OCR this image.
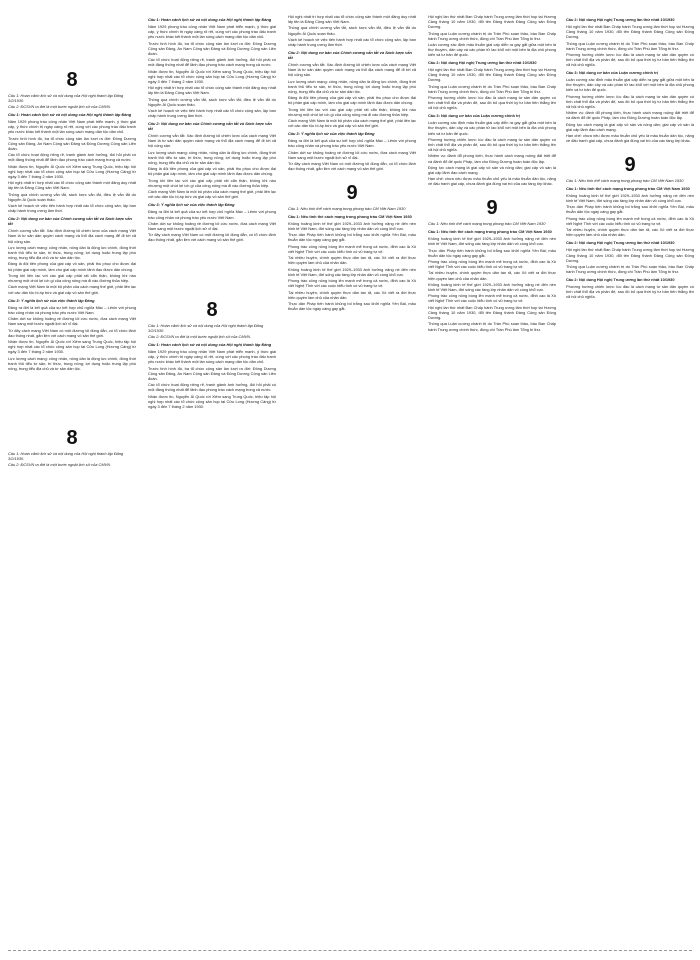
8
Câu 1: Hoàn cảnh lịch sử và nội dung của Hội nghị thành lập Đảng 3/2/1930.
Câu 2: ĐCSVN ra đời là một bước ngoặt lịch sử của CMVN.
Câu 1: Hoàn cảnh lịch sử và nội dung của Hội nghị thành lập Đảng
Năm 1929 phong trào công nhân Việt Nam phát triển mạnh, ý thức giai cấp, ý thức chính trị ngày càng rõ rệt, cùng với các phong trào đấu tranh yêu nước khác kết thành một làn sóng cách mạng dân tộc dân chủ.
Trước tình hình đó, ba tổ chức cộng sản lần lượt ra đời: Đông Dương Cộng sản Đảng, An Nam Cộng sản Đảng và Đông Dương Cộng sản Liên đoàn.
Các tổ chức hoạt động riêng rẽ, tranh giành ảnh hưởng, đòi hỏi phải có một đảng thống nhất để lãnh đạo phong trào cách mạng trong cả nước.
Nhận được tin, Nguyễn Ái Quốc rời Xiêm sang Trung Quốc, triệu tập hội nghị hợp nhất các tổ chức cộng sản họp tại Cửu Long (Hương Cảng) từ ngày 3 đến 7 tháng 2 năm 1930.
Hội nghị nhất trí hợp nhất các tổ chức cộng sản thành một đảng duy nhất lấy tên là Đảng Cộng sản Việt Nam.
Thông qua chính cương vắn tắt, sách lược vắn tắt, điều lệ vắn tắt do Nguyễn Ái Quốc soạn thảo.
Vạch kế hoạch về việc tiến hành hợp nhất các tổ chức cộng sản, lập ban chấp hành trung ương lâm thời.
Câu 2: Nội dung cơ bản của Chính cương vắn tắt và Sách lược vắn tắt
Chính cương vắn tắt: Xác định đường lối chiến lược của cách mạng Việt Nam là tư sản dân quyền cách mạng và thổ địa cách mạng để đi tới xã hội cộng sản.
Lực lượng cách mạng: công nhân, nông dân là động lực chính, đồng thời tranh thủ tiểu tư sản, trí thức, trung nông; lợi dụng hoặc trung lập phú nông, trung tiểu địa chủ và tư sản dân tộc.
Đảng là đội tiên phong của giai cấp vô sản, phải thu phục cho được đại bộ phận giai cấp mình, làm cho giai cấp mình lãnh đạo được dân chúng.
Trong khi liên lạc với các giai cấp phải rất cẩn thận, không khi nào nhượng một chút lợi ích gì của công nông mà đi vào đường thỏa hiệp.
Cách mạng Việt Nam là một bộ phận của cách mạng thế giới, phải liên lạc với các dân tộc bị áp bức và giai cấp vô sản thế giới.
Câu 3: Ý nghĩa lịch sử của việc thành lập Đảng
Đảng ra đời là kết quả của sự kết hợp chủ nghĩa Mác – Lênin với phong trào công nhân và phong trào yêu nước Việt Nam.
Chấm dứt sự khủng hoảng về đường lối cứu nước, đưa cách mạng Việt Nam sang một bước ngoặt lịch sử vĩ đại.
Từ đây cách mạng Việt Nam có một đường lối đúng đắn, có tổ chức lãnh đạo thống nhất, gắn liền với cách mạng vô sản thế giới.
Nhận được tin, Nguyễn Ái Quốc rời Xiêm sang Trung Quốc, triệu tập hội nghị hợp nhất các tổ chức cộng sản họp tại Cửu Long (Hương Cảng) từ ngày 3 đến 7 tháng 2 năm 1930.
Lực lượng cách mạng: công nhân, nông dân là động lực chính, đồng thời tranh thủ tiểu tư sản, trí thức, trung nông; lợi dụng hoặc trung lập phú nông, trung tiểu địa chủ và tư sản dân tộc.
8
Câu 1: Hoàn cảnh lịch sử và nội dung của Hội nghị thành lập Đảng 3/2/1930.
Câu 2: ĐCSVN ra đời là một bước ngoặt lịch sử của CMVN.
Câu 1: Hoàn cảnh lịch sử và nội dung của Hội nghị thành lập Đảng
Năm 1929 phong trào công nhân Việt Nam phát triển mạnh, ý thức giai cấp, ý thức chính trị ngày càng rõ rệt, cùng với các phong trào đấu tranh yêu nước khác kết thành một làn sóng cách mạng dân tộc dân chủ.
Trước tình hình đó, ba tổ chức cộng sản lần lượt ra đời: Đông Dương Cộng sản Đảng, An Nam Cộng sản Đảng và Đông Dương Cộng sản Liên đoàn.
Các tổ chức hoạt động riêng rẽ, tranh giành ảnh hưởng, đòi hỏi phải có một đảng thống nhất để lãnh đạo phong trào cách mạng trong cả nước.
Nhận được tin, Nguyễn Ái Quốc rời Xiêm sang Trung Quốc, triệu tập hội nghị hợp nhất các tổ chức cộng sản họp tại Cửu Long (Hương Cảng) từ ngày 3 đến 7 tháng 2 năm 1930.
Hội nghị nhất trí hợp nhất các tổ chức cộng sản thành một đảng duy nhất lấy tên là Đảng Cộng sản Việt Nam.
Thông qua chính cương vắn tắt, sách lược vắn tắt, điều lệ vắn tắt do Nguyễn Ái Quốc soạn thảo.
Vạch kế hoạch về việc tiến hành hợp nhất các tổ chức cộng sản, lập ban chấp hành trung ương lâm thời.
Câu 2: Nội dung cơ bản của Chính cương vắn tắt và Sách lược vắn tắt
Chính cương vắn tắt: Xác định đường lối chiến lược của cách mạng Việt Nam là tư sản dân quyền cách mạng và thổ địa cách mạng để đi tới xã hội cộng sản.
Lực lượng cách mạng: công nhân, nông dân là động lực chính, đồng thời tranh thủ tiểu tư sản, trí thức, trung nông; lợi dụng hoặc trung lập phú nông, trung tiểu địa chủ và tư sản dân tộc.
Đảng là đội tiên phong của giai cấp vô sản, phải thu phục cho được đại bộ phận giai cấp mình, làm cho giai cấp mình lãnh đạo được dân chúng.
Trong khi liên lạc với các giai cấp phải rất cẩn thận, không khi nào nhượng một chút lợi ích gì của công nông mà đi vào đường thỏa hiệp.
Cách mạng Việt Nam là một bộ phận của cách mạng thế giới, phải liên lạc với các dân tộc bị áp bức và giai cấp vô sản thế giới.
Câu 3: Ý nghĩa lịch sử của việc thành lập Đảng
Đảng ra đời là kết quả của sự kết hợp chủ nghĩa Mác – Lênin với phong trào công nhân và phong trào yêu nước Việt Nam.
Chấm dứt sự khủng hoảng về đường lối cứu nước, đưa cách mạng Việt Nam sang một bước ngoặt lịch sử vĩ đại.
Từ đây cách mạng Việt Nam có một đường lối đúng đắn, có tổ chức lãnh đạo thống nhất, gắn liền với cách mạng vô sản thế giới.
8
Câu 1: Hoàn cảnh lịch sử và nội dung của Hội nghị thành lập Đảng 3/2/1930.
Câu 2: ĐCSVN ra đời là một bước ngoặt lịch sử của CMVN.
Câu 1: Hoàn cảnh lịch sử và nội dung của Hội nghị thành lập Đảng
Năm 1929 phong trào công nhân Việt Nam phát triển mạnh, ý thức giai cấp, ý thức chính trị ngày càng rõ rệt, cùng với các phong trào đấu tranh yêu nước khác kết thành một làn sóng cách mạng dân tộc dân chủ.
Trước tình hình đó, ba tổ chức cộng sản lần lượt ra đời: Đông Dương Cộng sản Đảng, An Nam Cộng sản Đảng và Đông Dương Cộng sản Liên đoàn.
Các tổ chức hoạt động riêng rẽ, tranh giành ảnh hưởng, đòi hỏi phải có một đảng thống nhất để lãnh đạo phong trào cách mạng trong cả nước.
Nhận được tin, Nguyễn Ái Quốc rời Xiêm sang Trung Quốc, triệu tập hội nghị hợp nhất các tổ chức cộng sản họp tại Cửu Long (Hương Cảng) từ ngày 3 đến 7 tháng 2 năm 1930.
Hội nghị nhất trí hợp nhất các tổ chức cộng sản thành một đảng duy nhất lấy tên là Đảng Cộng sản Việt Nam.
Thông qua chính cương vắn tắt, sách lược vắn tắt, điều lệ vắn tắt do Nguyễn Ái Quốc soạn thảo.
Vạch kế hoạch về việc tiến hành hợp nhất các tổ chức cộng sản, lập ban chấp hành trung ương lâm thời.
Câu 2: Nội dung cơ bản của Chính cương vắn tắt và Sách lược vắn tắt
Chính cương vắn tắt: Xác định đường lối chiến lược của cách mạng Việt Nam là tư sản dân quyền cách mạng và thổ địa cách mạng để đi tới xã hội cộng sản.
Lực lượng cách mạng: công nhân, nông dân là động lực chính, đồng thời tranh thủ tiểu tư sản, trí thức, trung nông; lợi dụng hoặc trung lập phú nông, trung tiểu địa chủ và tư sản dân tộc.
Đảng là đội tiên phong của giai cấp vô sản, phải thu phục cho được đại bộ phận giai cấp mình, làm cho giai cấp mình lãnh đạo được dân chúng.
Trong khi liên lạc với các giai cấp phải rất cẩn thận, không khi nào nhượng một chút lợi ích gì của công nông mà đi vào đường thỏa hiệp.
Cách mạng Việt Nam là một bộ phận của cách mạng thế giới, phải liên lạc với các dân tộc bị áp bức và giai cấp vô sản thế giới.
Câu 3: Ý nghĩa lịch sử của việc thành lập Đảng
Đảng ra đời là kết quả của sự kết hợp chủ nghĩa Mác – Lênin với phong trào công nhân và phong trào yêu nước Việt Nam.
Chấm dứt sự khủng hoảng về đường lối cứu nước, đưa cách mạng Việt Nam sang một bước ngoặt lịch sử vĩ đại.
Từ đây cách mạng Việt Nam có một đường lối đúng đắn, có tổ chức lãnh đạo thống nhất, gắn liền với cách mạng vô sản thế giới.
9
Câu 1: Nêu tình thế cách mạng trong phong trào CM Việt Nam 1930
Câu 1: Nêu tình thế cách mạng trong phong trào CM Việt Nam 1930
Khủng hoảng kinh tế thế giới 1929–1933 ảnh hưởng nặng nề đến nền kinh tế Việt Nam, đời sống các tầng lớp nhân dân vô cùng khổ cực.
Thực dân Pháp tiến hành khủng bố trắng sau khởi nghĩa Yên Bái, mâu thuẫn dân tộc ngày càng gay gắt.
Phong trào công nông bùng lên mạnh mẽ trong cả nước, đỉnh cao là Xô viết Nghệ Tĩnh với các cuộc biểu tình có vũ trang tự vệ.
Tại nhiều huyện, chính quyền thực dân tan rã, các Xô viết ra đời thực hiện quyền làm chủ của nhân dân.
Khủng hoảng kinh tế thế giới 1929–1933 ảnh hưởng nặng nề đến nền kinh tế Việt Nam, đời sống các tầng lớp nhân dân vô cùng khổ cực.
Phong trào công nông bùng lên mạnh mẽ trong cả nước, đỉnh cao là Xô viết Nghệ Tĩnh với các cuộc biểu tình có vũ trang tự vệ.
Tại nhiều huyện, chính quyền thực dân tan rã, các Xô viết ra đời thực hiện quyền làm chủ của nhân dân.
Thực dân Pháp tiến hành khủng bố trắng sau khởi nghĩa Yên Bái, mâu thuẫn dân tộc ngày càng gay gắt.
Hội nghị lần thứ nhất Ban Chấp hành Trung ương lâm thời họp tại Hương Cảng tháng 10 năm 1930, đổi tên Đảng thành Đảng Cộng sản Đông Dương.
Thông qua Luận cương chánh trị do Trần Phú soạn thảo, bầu Ban Chấp hành Trung ương chính thức, đồng chí Trần Phú làm Tổng bí thư.
Luận cương xác định mâu thuẫn giai cấp diễn ra gay gắt giữa một bên là thợ thuyền, dân cày và các phần tử lao khổ với một bên là địa chủ phong kiến và tư bản đế quốc.
Câu 2: Nội dung Hội nghị Trung ương lần thứ nhất 10/1930
Hội nghị lần thứ nhất Ban Chấp hành Trung ương lâm thời họp tại Hương Cảng tháng 10 năm 1930, đổi tên Đảng thành Đảng Cộng sản Đông Dương.
Thông qua Luận cương chánh trị do Trần Phú soạn thảo, bầu Ban Chấp hành Trung ương chính thức, đồng chí Trần Phú làm Tổng bí thư.
Phương hướng chiến lược: lúc đầu là cách mạng tư sản dân quyền có tính chất thổ địa và phản đế, sau đó bỏ qua thời kỳ tư bản tiến thẳng lên xã hội chủ nghĩa.
Câu 3: Nội dung cơ bản của Luận cương chính trị
Luận cương xác định mâu thuẫn giai cấp diễn ra gay gắt giữa một bên là thợ thuyền, dân cày và các phần tử lao khổ với một bên là địa chủ phong kiến và tư bản đế quốc.
Phương hướng chiến lược: lúc đầu là cách mạng tư sản dân quyền có tính chất thổ địa và phản đế, sau đó bỏ qua thời kỳ tư bản tiến thẳng lên xã hội chủ nghĩa.
Nhiệm vụ: đánh đổ phong kiến, thực hành cách mạng ruộng đất triệt để và đánh đổ đế quốc Pháp, làm cho Đông Dương hoàn toàn độc lập.
Động lực cách mạng là giai cấp vô sản và nông dân; giai cấp vô sản là giai cấp lãnh đạo cách mạng.
Hạn chế: chưa nêu được mâu thuẫn chủ yếu là mâu thuẫn dân tộc, nặng về đấu tranh giai cấp, chưa đánh giá đúng vai trò của các tầng lớp khác.
9
Câu 1: Nêu tình thế cách mạng trong phong trào CM Việt Nam 1930
Câu 1: Nêu tình thế cách mạng trong phong trào CM Việt Nam 1930
Khủng hoảng kinh tế thế giới 1929–1933 ảnh hưởng nặng nề đến nền kinh tế Việt Nam, đời sống các tầng lớp nhân dân vô cùng khổ cực.
Thực dân Pháp tiến hành khủng bố trắng sau khởi nghĩa Yên Bái, mâu thuẫn dân tộc ngày càng gay gắt.
Phong trào công nông bùng lên mạnh mẽ trong cả nước, đỉnh cao là Xô viết Nghệ Tĩnh với các cuộc biểu tình có vũ trang tự vệ.
Tại nhiều huyện, chính quyền thực dân tan rã, các Xô viết ra đời thực hiện quyền làm chủ của nhân dân.
Khủng hoảng kinh tế thế giới 1929–1933 ảnh hưởng nặng nề đến nền kinh tế Việt Nam, đời sống các tầng lớp nhân dân vô cùng khổ cực.
Phong trào công nông bùng lên mạnh mẽ trong cả nước, đỉnh cao là Xô viết Nghệ Tĩnh với các cuộc biểu tình có vũ trang tự vệ.
Hội nghị lần thứ nhất Ban Chấp hành Trung ương lâm thời họp tại Hương Cảng tháng 10 năm 1930, đổi tên Đảng thành Đảng Cộng sản Đông Dương.
Thông qua Luận cương chánh trị do Trần Phú soạn thảo, bầu Ban Chấp hành Trung ương chính thức, đồng chí Trần Phú làm Tổng bí thư.
Câu 2: Nội dung Hội nghị Trung ương lần thứ nhất 10/1930
Hội nghị lần thứ nhất Ban Chấp hành Trung ương lâm thời họp tại Hương Cảng tháng 10 năm 1930, đổi tên Đảng thành Đảng Cộng sản Đông Dương.
Thông qua Luận cương chánh trị do Trần Phú soạn thảo, bầu Ban Chấp hành Trung ương chính thức, đồng chí Trần Phú làm Tổng bí thư.
Phương hướng chiến lược: lúc đầu là cách mạng tư sản dân quyền có tính chất thổ địa và phản đế, sau đó bỏ qua thời kỳ tư bản tiến thẳng lên xã hội chủ nghĩa.
Câu 3: Nội dung cơ bản của Luận cương chính trị
Luận cương xác định mâu thuẫn giai cấp diễn ra gay gắt giữa một bên là thợ thuyền, dân cày và các phần tử lao khổ với một bên là địa chủ phong kiến và tư bản đế quốc.
Phương hướng chiến lược: lúc đầu là cách mạng tư sản dân quyền có tính chất thổ địa và phản đế, sau đó bỏ qua thời kỳ tư bản tiến thẳng lên xã hội chủ nghĩa.
Nhiệm vụ: đánh đổ phong kiến, thực hành cách mạng ruộng đất triệt để và đánh đổ đế quốc Pháp, làm cho Đông Dương hoàn toàn độc lập.
Động lực cách mạng là giai cấp vô sản và nông dân; giai cấp vô sản là giai cấp lãnh đạo cách mạng.
Hạn chế: chưa nêu được mâu thuẫn chủ yếu là mâu thuẫn dân tộc, nặng về đấu tranh giai cấp, chưa đánh giá đúng vai trò của các tầng lớp khác.
9
Câu 1: Nêu tình thế cách mạng trong phong trào CM Việt Nam 1930
Câu 1: Nêu tình thế cách mạng trong phong trào CM Việt Nam 1930
Khủng hoảng kinh tế thế giới 1929–1933 ảnh hưởng nặng nề đến nền kinh tế Việt Nam, đời sống các tầng lớp nhân dân vô cùng khổ cực.
Thực dân Pháp tiến hành khủng bố trắng sau khởi nghĩa Yên Bái, mâu thuẫn dân tộc ngày càng gay gắt.
Phong trào công nông bùng lên mạnh mẽ trong cả nước, đỉnh cao là Xô viết Nghệ Tĩnh với các cuộc biểu tình có vũ trang tự vệ.
Tại nhiều huyện, chính quyền thực dân tan rã, các Xô viết ra đời thực hiện quyền làm chủ của nhân dân.
Câu 2: Nội dung Hội nghị Trung ương lần thứ nhất 10/1930
Hội nghị lần thứ nhất Ban Chấp hành Trung ương lâm thời họp tại Hương Cảng tháng 10 năm 1930, đổi tên Đảng thành Đảng Cộng sản Đông Dương.
Thông qua Luận cương chánh trị do Trần Phú soạn thảo, bầu Ban Chấp hành Trung ương chính thức, đồng chí Trần Phú làm Tổng bí thư.
Câu 2: Nội dung Hội nghị Trung ương lần thứ nhất 10/1930
Phương hướng chiến lược: lúc đầu là cách mạng tư sản dân quyền có tính chất thổ địa và phản đế, sau đó bỏ qua thời kỳ tư bản tiến thẳng lên xã hội chủ nghĩa.
